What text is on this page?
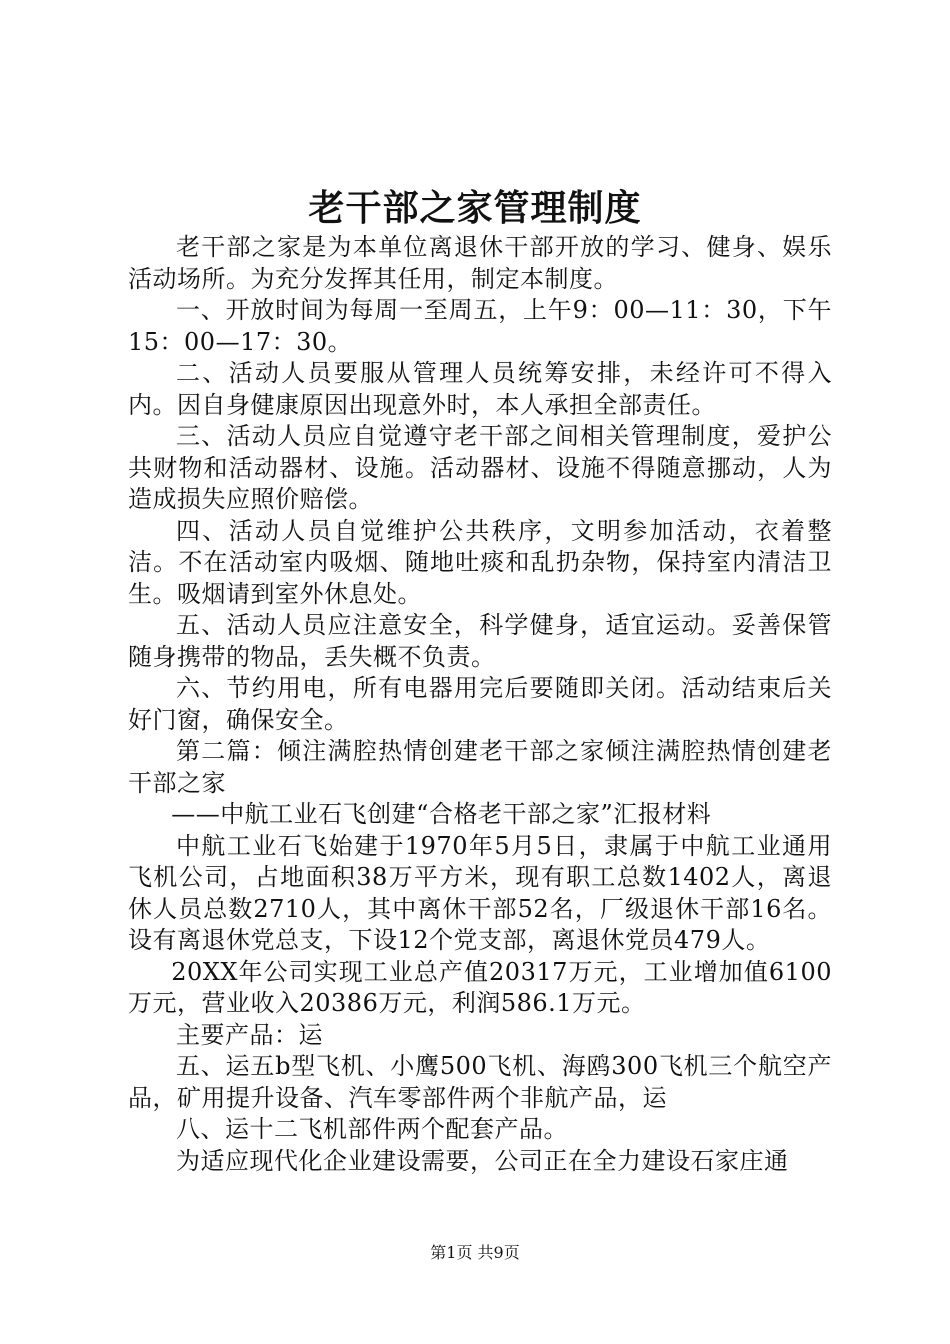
老干部之家管理制度

老干部之家是为本单位离退休干部开放的学习、健身、娱乐活动场所。为充分发挥其任用，制定本制度。

一、开放时间为每周一至周五，上午9：00—11：30，下午15：00—17：30。

二、活动人员要服从管理人员统筹安排，未经许可不得入内。因自身健康原因出现意外时，本人承担全部责任。

三、活动人员应自觉遵守老干部之间相关管理制度，爱护公共财物和活动器材、设施。活动器材、设施不得随意挪动，人为造成损失应照价赔偿。

四、活动人员自觉维护公共秩序，文明参加活动，衣着整洁。不在活动室内吸烟、随地吐痰和乱扔杂物，保持室内清洁卫生。吸烟请到室外休息处。

五、活动人员应注意安全，科学健身，适宜运动。妥善保管随身携带的物品，丢失概不负责。

六、节约用电，所有电器用完后要随即关闭。活动结束后关好门窗，确保安全。

第二篇：倾注满腔热情创建老干部之家倾注满腔热情创建老干部之家

——中航工业石飞创建“合格老干部之家”汇报材料

中航工业石飞始建于1970年5月5日，隶属于中航工业通用飞机公司，占地面积38万平方米，现有职工总数1402人，离退休人员总数2710人，其中离休干部52名，厂级退休干部16名。设有离退休党总支，下设12个党支部，离退休党员479人。

20XX年公司实现工业总产值20317万元，工业增加值6100万元，营业收入20386万元，利润586.1万元。

主要产品：运

五、运五b型飞机、小鹰500飞机、海鸥300飞机三个航空产品，矿用提升设备、汽车零部件两个非航产品，运

八、运十二飞机部件两个配套产品。

为适应现代化企业建设需要，公司正在全力建设石家庄通

第1页 共9页
